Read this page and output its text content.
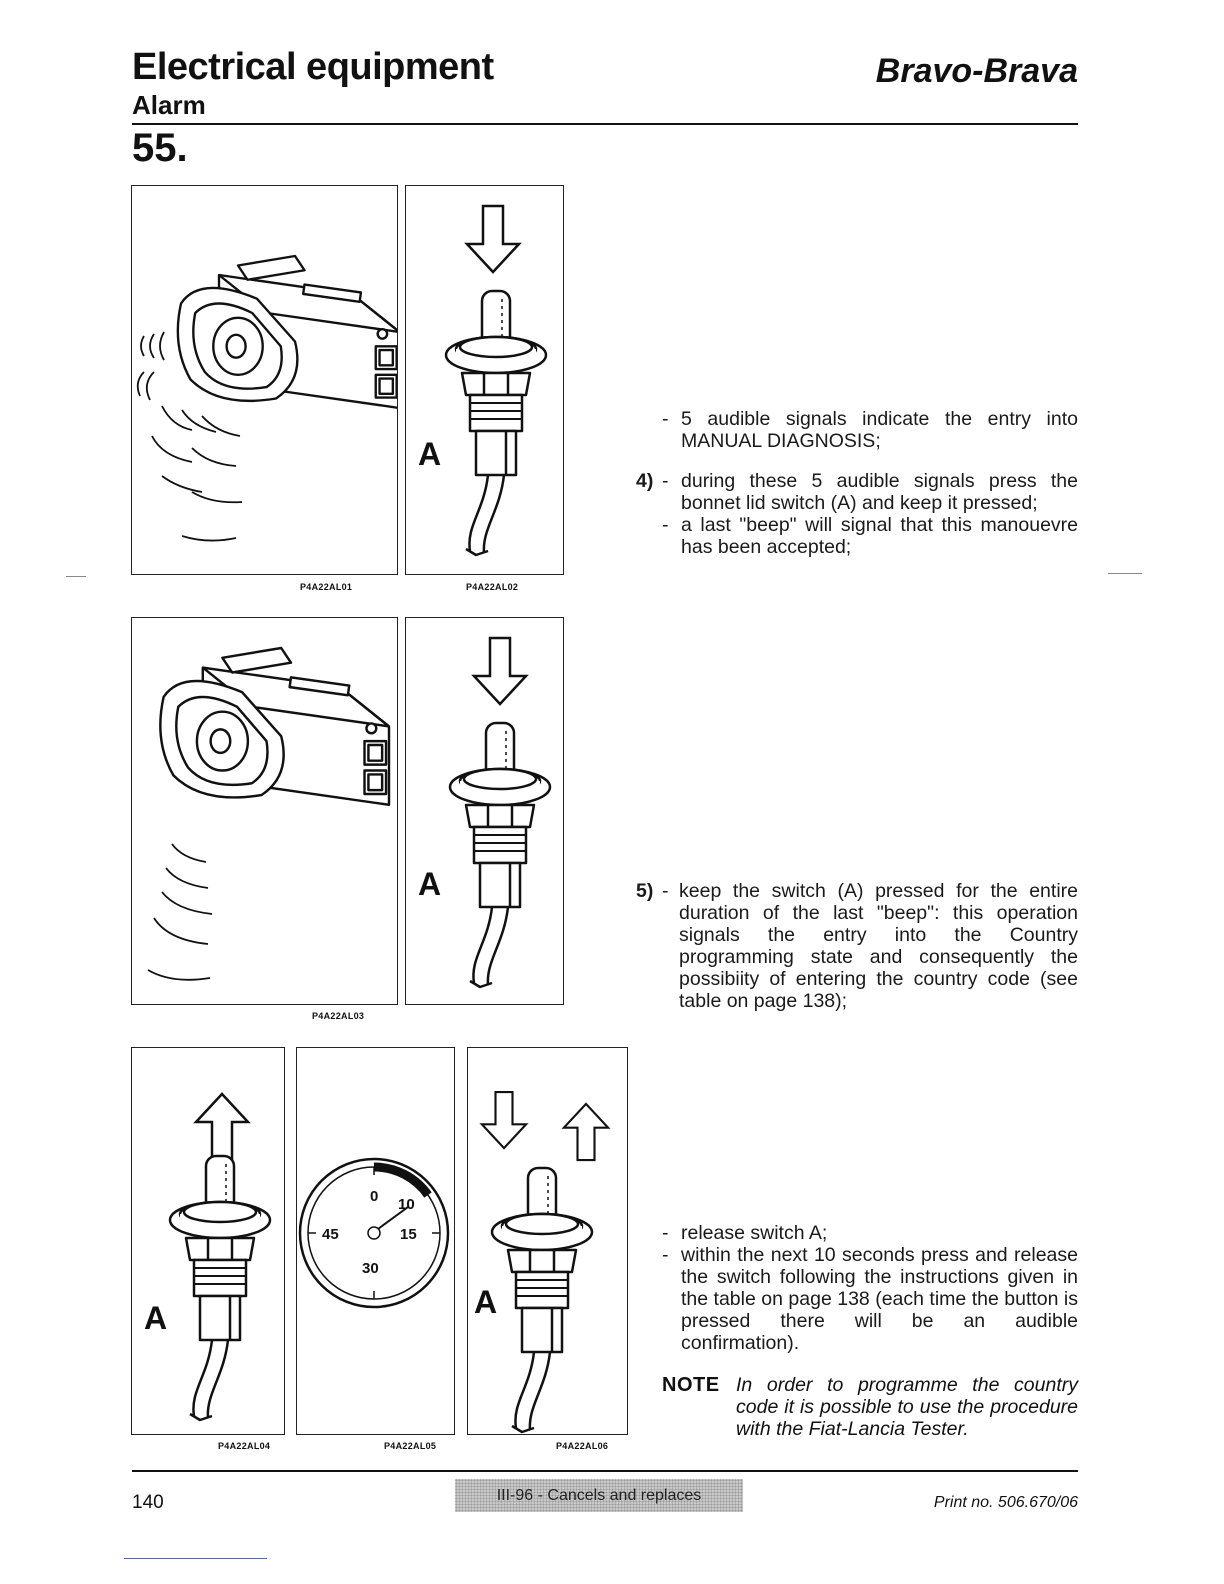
Electrical equipment
Alarm
Bravo-Brava
55.
P4A22AL01
A
P4A22AL02
- 5 audible signals indicate the entry into MANUAL DIAGNOSIS;
4) - during these 5 audible signals press the bonnet lid switch (A) and keep it pressed;
- a last "beep" will signal that this manouevre has been accepted;
A
P4A22AL03
5) - keep the switch (A) pressed for the entire duration of the last "beep": this operation signals the entry into the Country programming state and consequently the possibiity of entering the country code (see table on page 138);
A
P4A22AL04
0 10
15
30
45
P4A22AL05
A
P4A22AL06
- release switch A;
- within the next 10 seconds press and release the switch following the instructions given in the table on page 138 (each time the button is pressed there will be an audible confirmation).
NOTE In order to programme the country code it is possible to use the procedure with the Fiat-Lancia Tester.
140	III-96 - Cancels and replaces	Print no. 506.670/06
